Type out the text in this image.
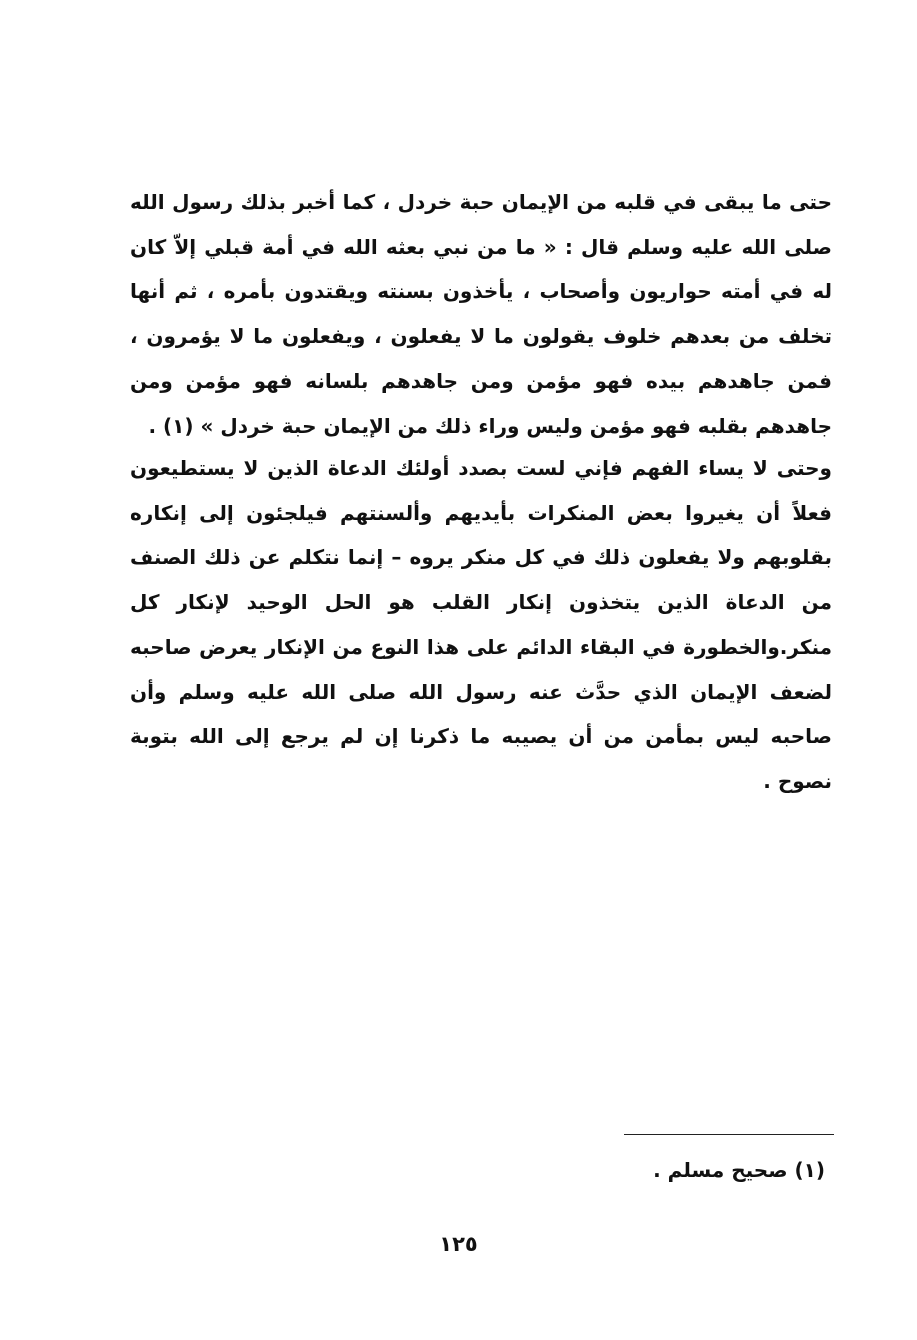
حتى ما يبقى في قلبه من الإيمان حبة خردل ، كما أخبر بذلك رسول الله صلى الله عليه وسلم قال : « ما من نبي بعثه الله في أمة قبلي إلاّ كان له في أمته حواريون وأصحاب ، يأخذون بسنته ويقتدون بأمره ، ثم أنها تخلف من بعدهم خلوف يقولون ما لا يفعلون ، ويفعلون ما لا يؤمرون ، فمن جاهدهم بيده فهو مؤمن ومن جاهدهم بلسانه فهو مؤمن ومن جاهدهم بقلبه فهو مؤمن وليس وراء ذلك من الإيمان حبة خردل » (١) .

وحتى لا يساء الفهم فإني لست بصدد أولئك الدعاة الذين لا يستطيعون فعلاً أن يغيروا بعض المنكرات بأيديهم وألسنتهم فيلجئون إلى إنكاره بقلوبهم ولا يفعلون ذلك في كل منكر يروه – إنما نتكلم عن ذلك الصنف من الدعاة الذين يتخذون إنكار القلب هو الحل الوحيد لإنكار كل منكر.والخطورة في البقاء الدائم على هذا النوع من الإنكار يعرض صاحبه لضعف الإيمان الذي حدَّث عنه رسول الله صلى الله عليه وسلم وأن صاحبه ليس بمأمن من أن يصيبه ما ذكرنا إن لم يرجع إلى الله بتوبة نصوح .

(١) صحيح مسلم .
١٢٥
